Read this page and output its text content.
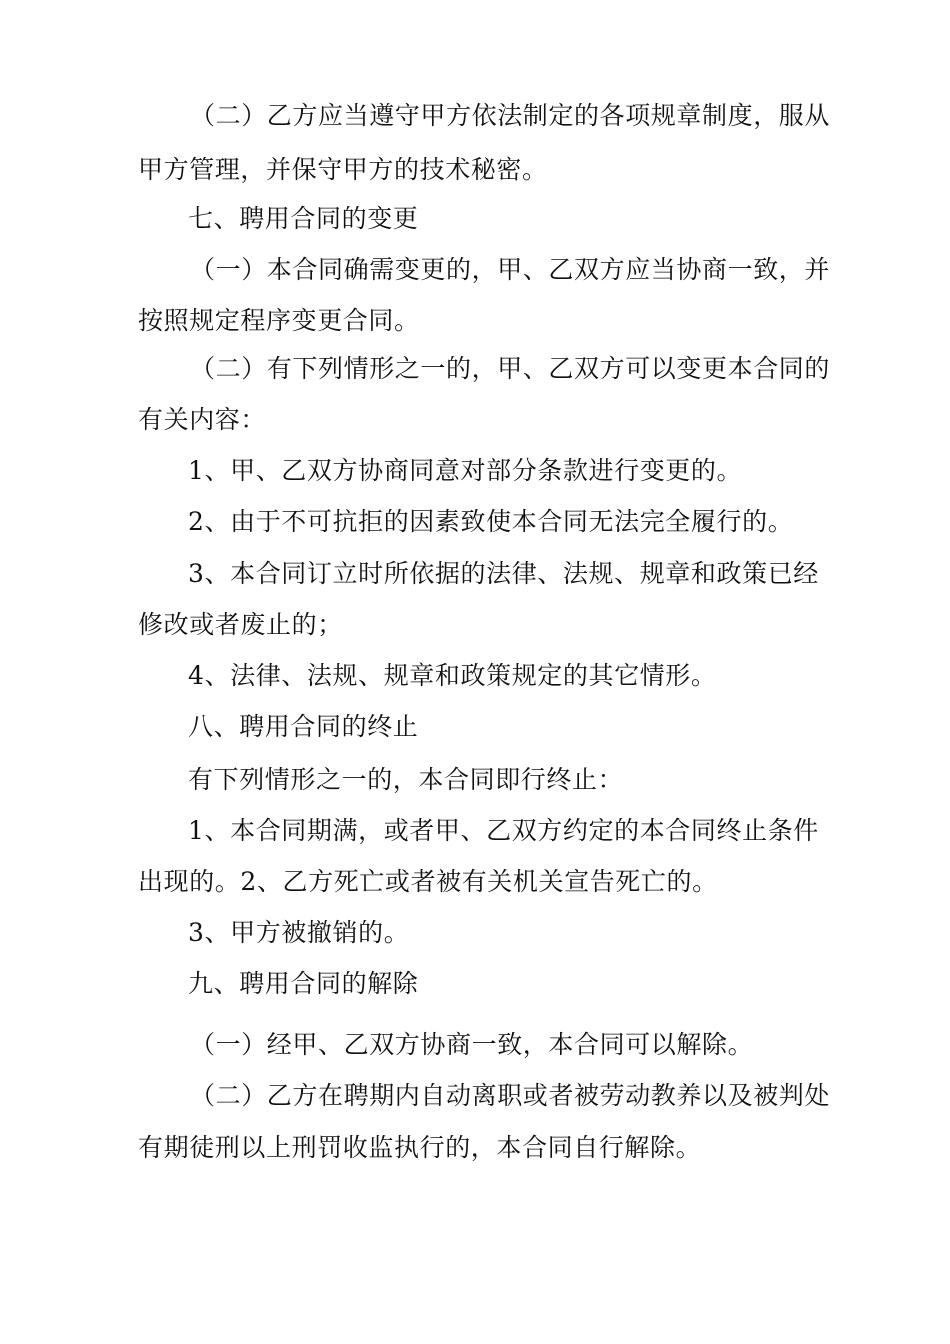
（二）乙方应当遵守甲方依法制定的各项规章制度，服从
甲方管理，并保守甲方的技术秘密。
七、聘用合同的变更
（一）本合同确需变更的，甲、乙双方应当协商一致，并
按照规定程序变更合同。
（二）有下列情形之一的，甲、乙双方可以变更本合同的
有关内容：
1、甲、乙双方协商同意对部分条款进行变更的。
2、由于不可抗拒的因素致使本合同无法完全履行的。
3、本合同订立时所依据的法律、法规、规章和政策已经
修改或者废止的；
4、法律、法规、规章和政策规定的其它情形。
八、聘用合同的终止
有下列情形之一的，本合同即行终止：
1、本合同期满，或者甲、乙双方约定的本合同终止条件
出现的。2、乙方死亡或者被有关机关宣告死亡的。
3、甲方被撤销的。
九、聘用合同的解除
（一）经甲、乙双方协商一致，本合同可以解除。
（二）乙方在聘期内自动离职或者被劳动教养以及被判处
有期徒刑以上刑罚收监执行的，本合同自行解除。
